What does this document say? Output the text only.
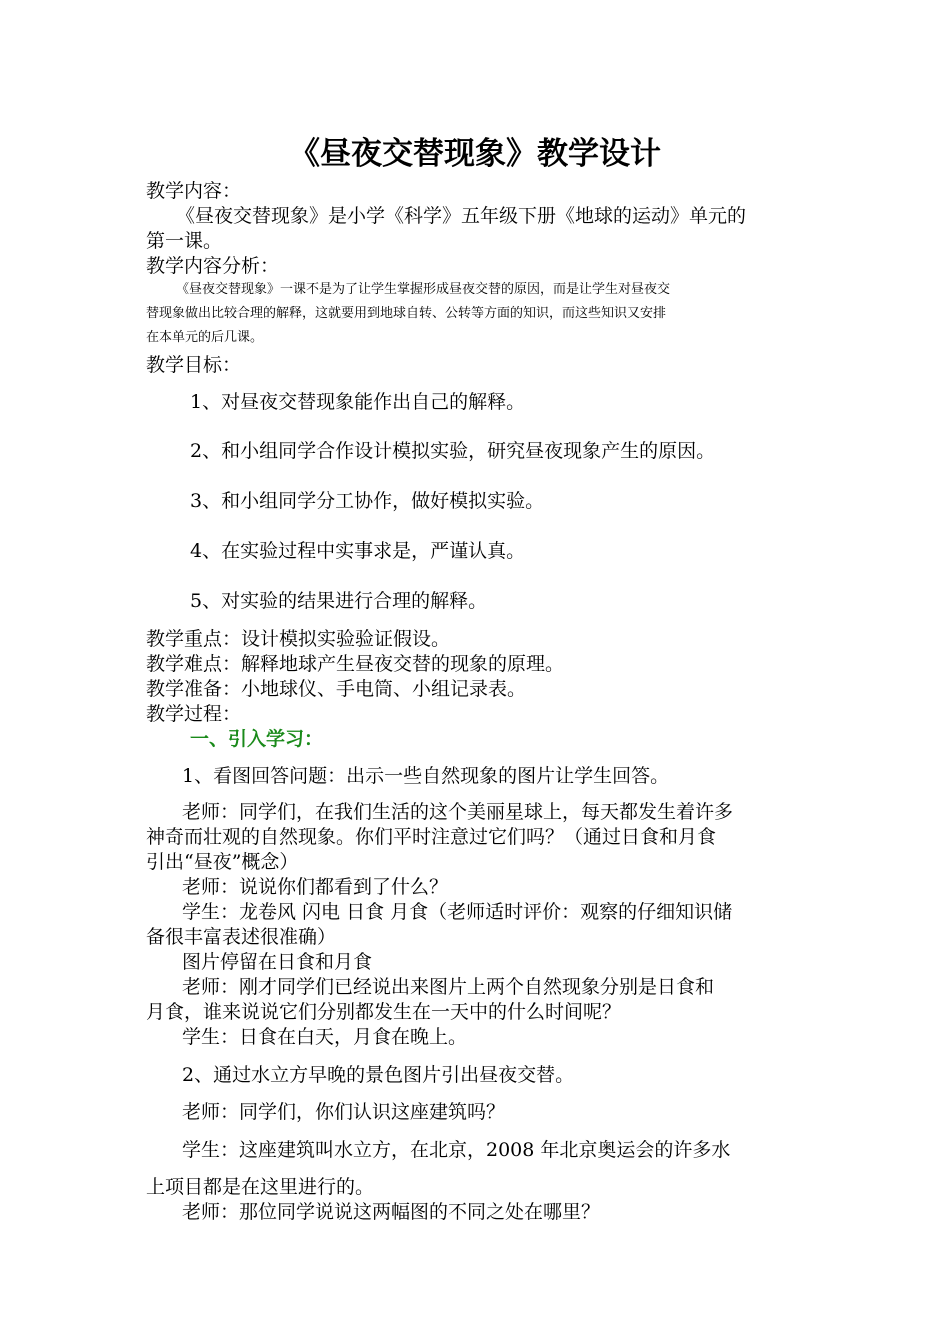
《昼夜交替现象》教学设计
教学内容：
《昼夜交替现象》是小学《科学》五年级下册《地球的运动》单元的
第一课。
教学内容分析：
《昼夜交替现象》一课不是为了让学生掌握形成昼夜交替的原因，而是让学生对昼夜交
替现象做出比较合理的解释，这就要用到地球自转、公转等方面的知识，而这些知识又安排
在本单元的后几课。
教学目标：
1、对昼夜交替现象能作出自己的解释。
2、和小组同学合作设计模拟实验，研究昼夜现象产生的原因。
3、和小组同学分工协作，做好模拟实验。
4、在实验过程中实事求是，严谨认真。
5、对实验的结果进行合理的解释。
教学重点：设计模拟实验验证假设。
教学难点：解释地球产生昼夜交替的现象的原理。
教学准备：小地球仪、手电筒、小组记录表。
教学过程：
一、引入学习：
1、看图回答问题：出示一些自然现象的图片让学生回答。
老师：同学们，在我们生活的这个美丽星球上，每天都发生着许多
神奇而壮观的自然现象。你们平时注意过它们吗？（通过日食和月食
引出“昼夜”概念）
老师：说说你们都看到了什么？
学生：龙卷风 闪电 日食 月食（老师适时评价：观察的仔细知识储
备很丰富表述很准确）
图片停留在日食和月食
老师：刚才同学们已经说出来图片上两个自然现象分别是日食和
月食，谁来说说它们分别都发生在一天中的什么时间呢？
学生：日食在白天，月食在晚上。
2、通过水立方早晚的景色图片引出昼夜交替。
老师：同学们，你们认识这座建筑吗？
学生：这座建筑叫水立方，在北京，2008 年北京奥运会的许多水
上项目都是在这里进行的。
老师：那位同学说说这两幅图的不同之处在哪里？
